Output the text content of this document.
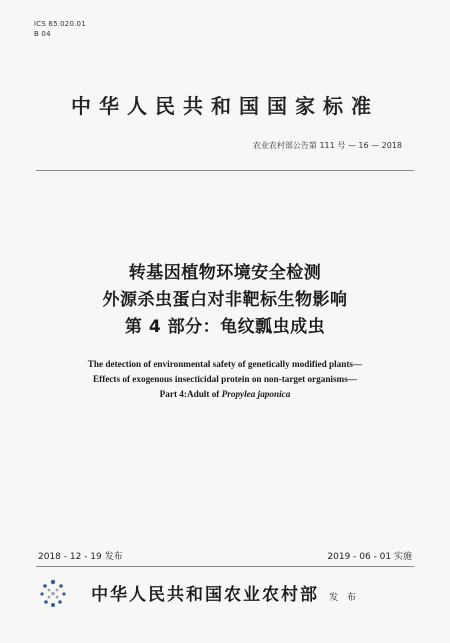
ICS 65.020.01
B 04
中华人民共和国国家标准
农业农村部公告第 111 号 — 16 — 2018
转基因植物环境安全检测
外源杀虫蛋白对非靶标生物影响
第 4 部分：龟纹瓢虫成虫
The detection of environmental safety of genetically modified plants—
Effects of exogenous insecticidal protein on non-target organisms—
Part 4:Adult of Propylea japonica
2018 - 12 - 19 发布	2019 - 06 - 01 实施
中华人民共和国农业农村部 发 布
